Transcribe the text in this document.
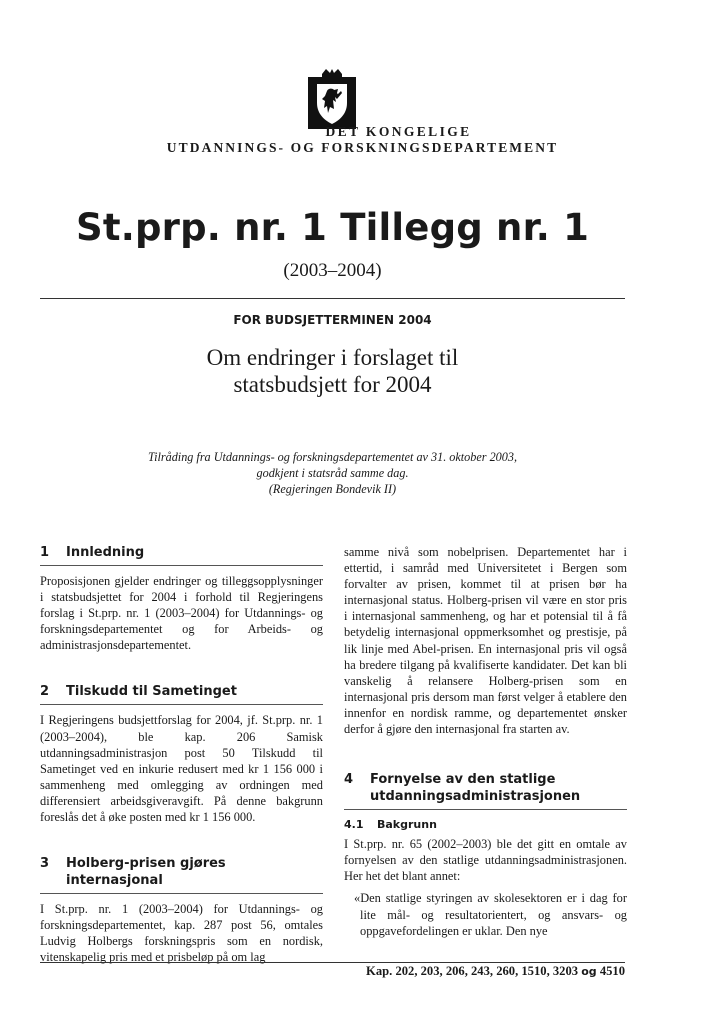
DET KONGELIGE
UTDANNINGS- OG FORSKNINGSDEPARTEMENT
St.prp. nr. 1 Tillegg nr. 1
(2003–2004)
FOR BUDSJETTERMINEN 2004
Om endringer i forslaget til
statsbudsjett for 2004
Tilråding fra Utdannings- og forskningsdepartementet av 31. oktober 2003,
godkjent i statsråd samme dag.
(Regjeringen Bondevik II)
1	Innledning

Proposisjonen gjelder endringer og tilleggsopplysninger i statsbudsjettet for 2004 i forhold til Regjeringens forslag i St.prp. nr. 1 (2003–2004) for Utdannings- og forskningsdepartementet og for Arbeids- og administrasjonsdepartementet.

2	Tilskudd til Sametinget

I Regjeringens budsjettforslag for 2004, jf. St.prp. nr. 1 (2003–2004), ble kap. 206 Samisk utdanningsadministrasjon post 50 Tilskudd til Sametinget ved en inkurie redusert med kr 1 156 000 i sammenheng med omlegging av ordningen med differensiert arbeidsgiveravgift. På denne bakgrunn foreslås det å øke posten med kr 1 156 000.

3	Holberg-prisen gjøres internasjonal

I St.prp. nr. 1 (2003–2004) for Utdannings- og forskningsdepartementet, kap. 287 post 56, omtales Ludvig Holbergs forskningspris som en nordisk, vitenskapelig pris med et prisbeløp på om lag

samme nivå som nobelprisen. Departementet har i ettertid, i samråd med Universitetet i Bergen som forvalter av prisen, kommet til at prisen bør ha internasjonal status. Holberg-prisen vil være en stor pris i internasjonal sammenheng, og har et potensial til å få betydelig internasjonal oppmerksomhet og prestisje, på lik linje med Abel-prisen. En internasjonal pris vil også ha bredere tilgang på kvalifiserte kandidater. Det kan bli vanskelig å relansere Holberg-prisen som en internasjonal pris dersom man først velger å etablere den innenfor en nordisk ramme, og departementet ønsker derfor å gjøre den internasjonal fra starten av.

4	Fornyelse av den statlige
utdanningsadministrasjonen
4.1	Bakgrunn

I St.prp. nr. 65 (2002–2003) ble det gitt en omtale av fornyelsen av den statlige utdanningsadministrasjonen. Her het det blant annet:

«Den statlige styringen av skolesektoren er i dag for lite mål- og resultatorientert, og ansvars- og oppgavefordelingen er uklar. Den nye

Kap. 202, 203, 206, 243, 260, 1510, 3203 og 4510
